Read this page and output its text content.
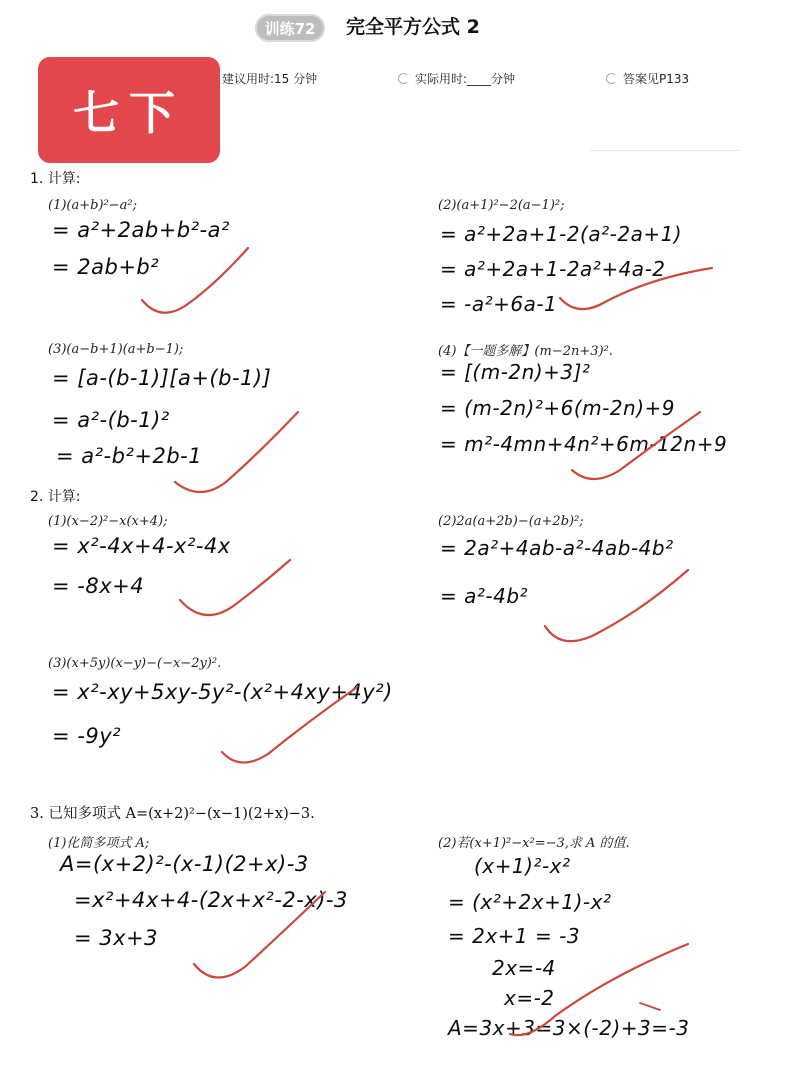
训练72	完全平方公式 2
七下
建议用时:15 分钟	实际用时:____分钟	答案见P133
1. 计算:
(1)(a+b)²−a²;
= a²+2ab+b²-a²
= 2ab+b²
(2)(a+1)²−2(a−1)²;
= a²+2a+1-2(a²-2a+1)
= a²+2a+1-2a²+4a-2
= -a²+6a-1
(3)(a−b+1)(a+b−1);
= [a-(b-1)][a+(b-1)]
= a²-(b-1)²
= a²-b²+2b-1
(4)【一题多解】(m−2n+3)².
= [(m-2n)+3]²
= (m-2n)²+6(m-2n)+9
= m²-4mn+4n²+6m-12n+9
2. 计算:
(1)(x−2)²−x(x+4);
= x²-4x+4-x²-4x
= -8x+4
(2)2a(a+2b)−(a+2b)²;
= 2a²+4ab-a²-4ab-4b²
= a²-4b²
(3)(x+5y)(x−y)−(−x−2y)².
= x²-xy+5xy-5y²-(x²+4xy+4y²)
= -9y²
3. 已知多项式 A=(x+2)²−(x−1)(2+x)−3.
(1)化简多项式 A;
A=(x+2)²-(x-1)(2+x)-3
=x²+4x+4-(2x+x²-2-x)-3
= 3x+3
(2)若(x+1)²−x²=−3,求 A 的值.
(x+1)²-x²
= (x²+2x+1)-x²
= 2x+1 = -3
2x=-4
x=-2
A=3x+3=3×(-2)+3=-3
